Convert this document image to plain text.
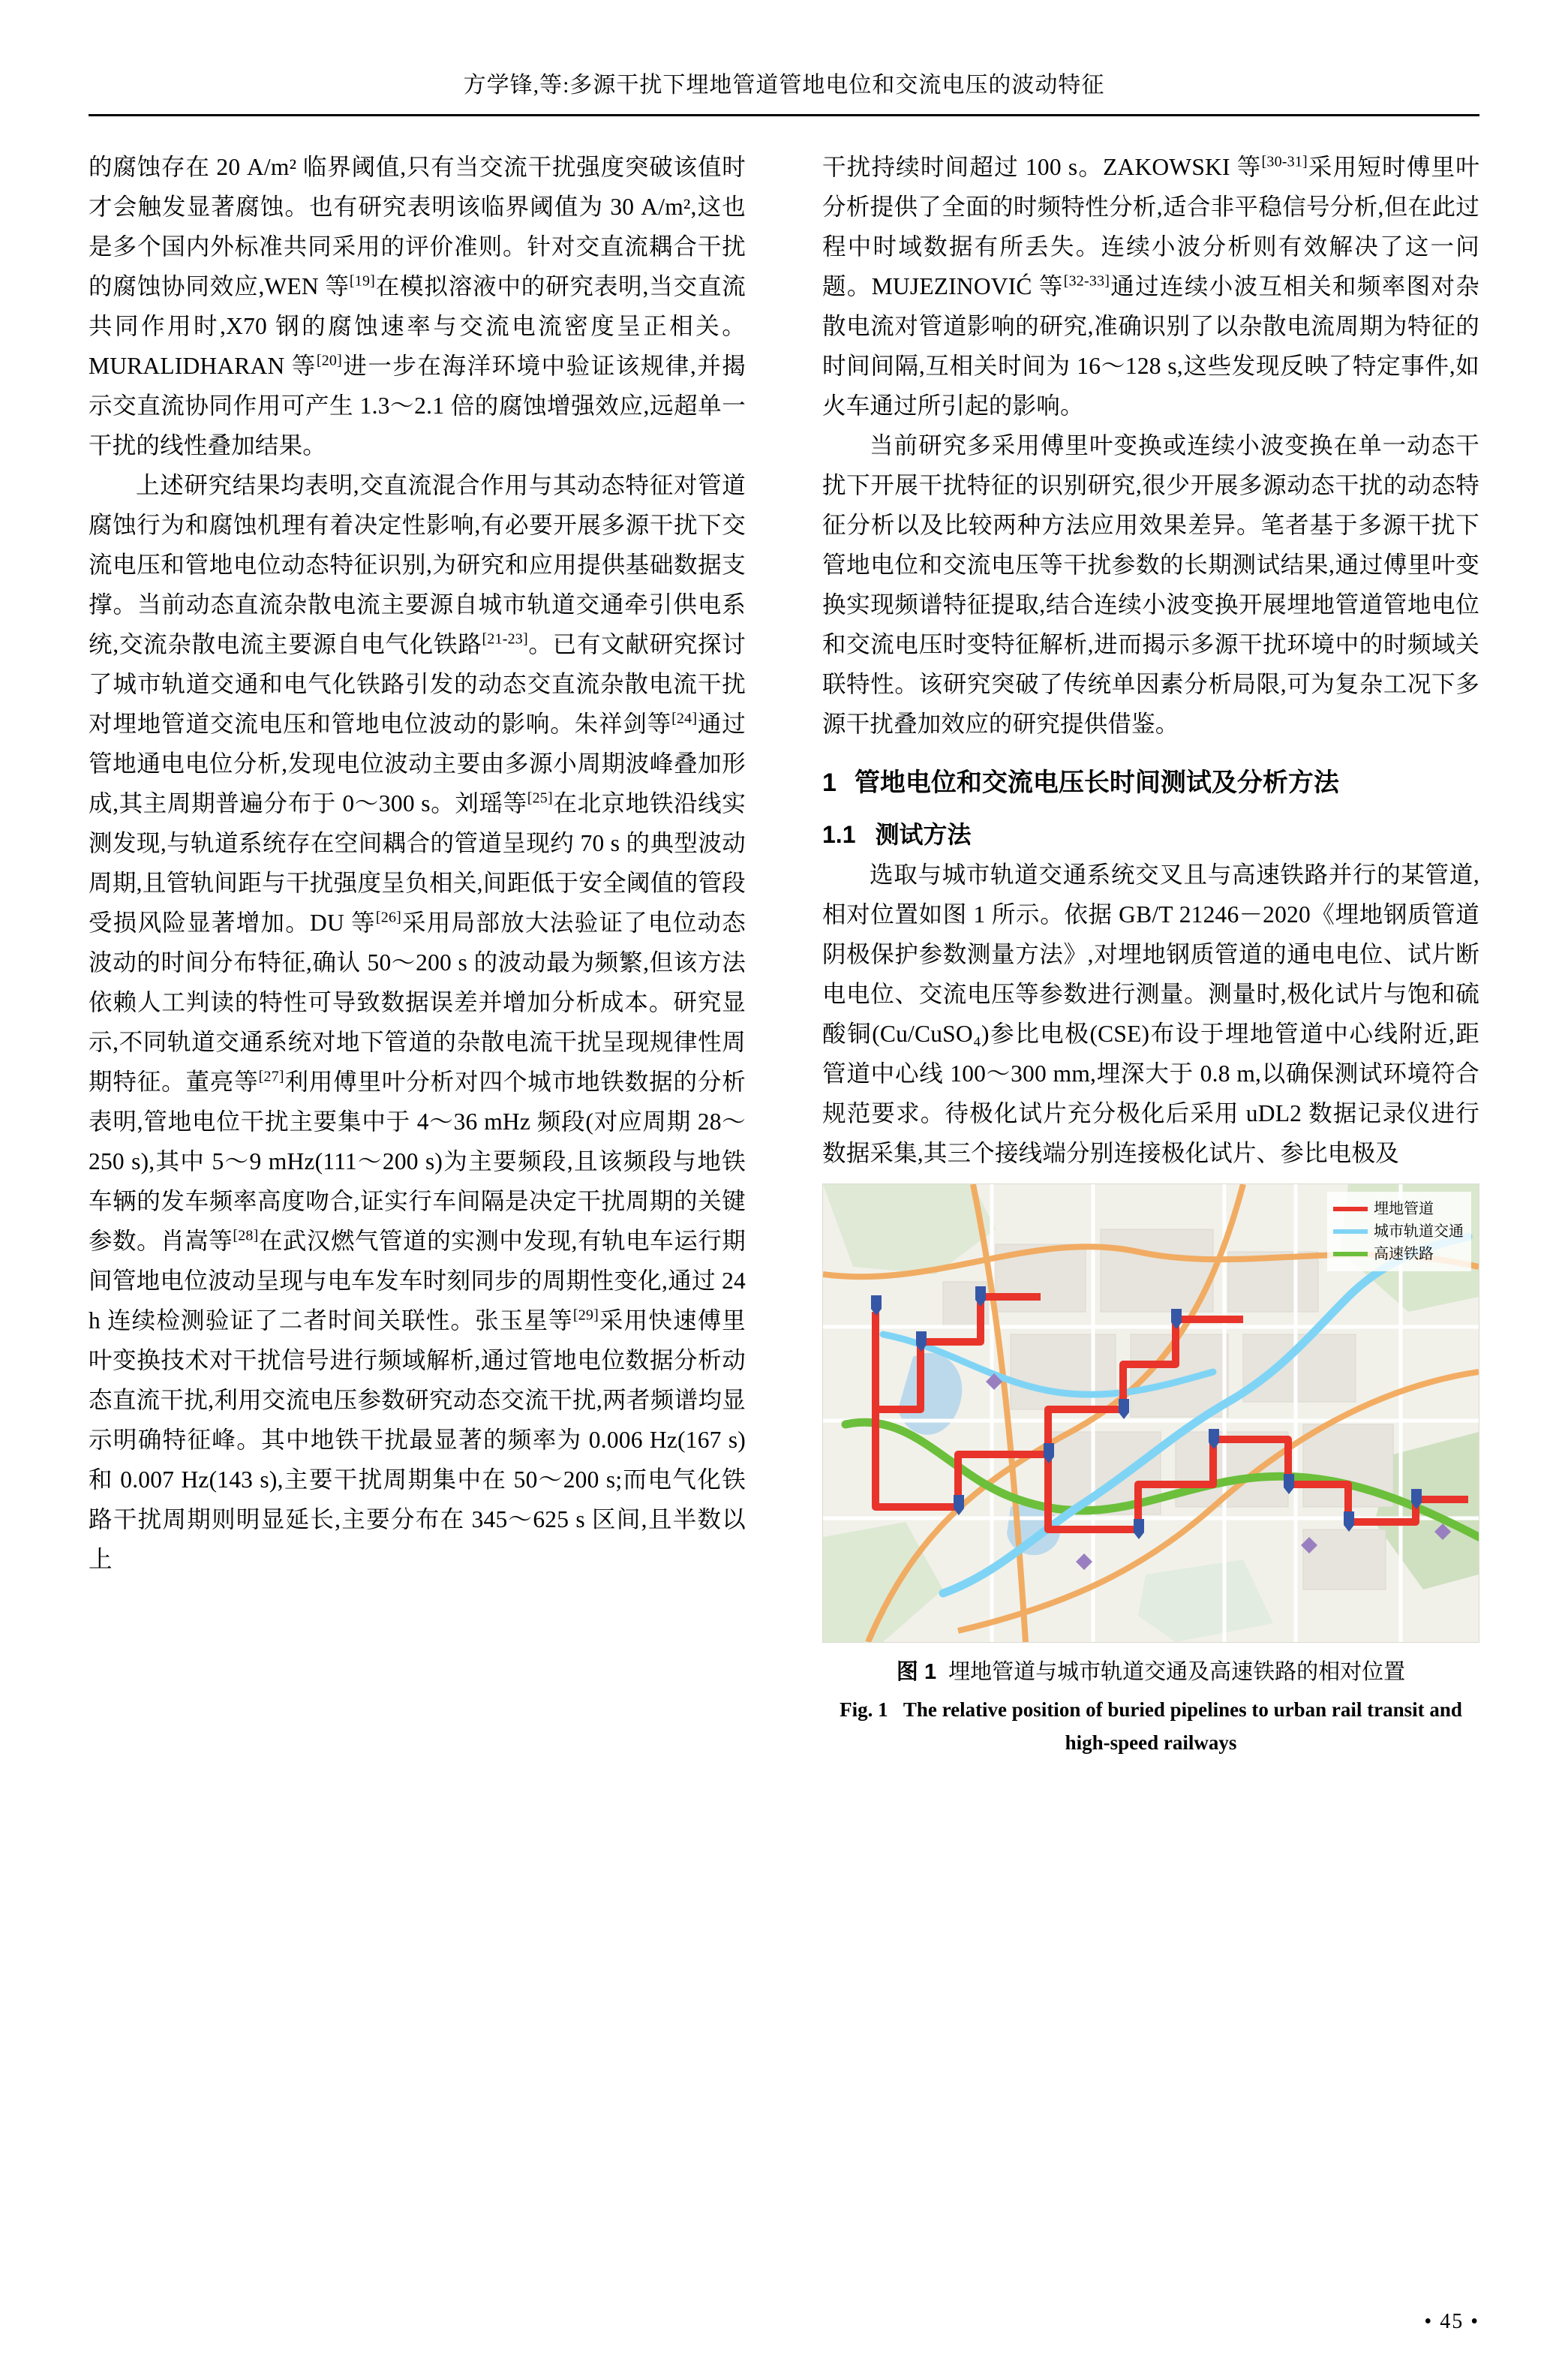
方学锋,等:多源干扰下埋地管道管地电位和交流电压的波动特征

的腐蚀存在 20 A/m² 临界阈值,只有当交流干扰强度突破该值时才会触发显著腐蚀。也有研究表明该临界阈值为 30 A/m²,这也是多个国内外标准共同采用的评价准则。针对交直流耦合干扰的腐蚀协同效应,WEN 等[19]在模拟溶液中的研究表明,当交直流共同作用时,X70 钢的腐蚀速率与交流电流密度呈正相关。MURALIDHARAN 等[20]进一步在海洋环境中验证该规律,并揭示交直流协同作用可产生 1.3～2.1 倍的腐蚀增强效应,远超单一干扰的线性叠加结果。

上述研究结果均表明,交直流混合作用与其动态特征对管道腐蚀行为和腐蚀机理有着决定性影响,有必要开展多源干扰下交流电压和管地电位动态特征识别,为研究和应用提供基础数据支撑。当前动态直流杂散电流主要源自城市轨道交通牵引供电系统,交流杂散电流主要源自电气化铁路[21-23]。已有文献研究探讨了城市轨道交通和电气化铁路引发的动态交直流杂散电流干扰对埋地管道交流电压和管地电位波动的影响。朱祥剑等[24]通过管地通电电位分析,发现电位波动主要由多源小周期波峰叠加形成,其主周期普遍分布于 0～300 s。刘瑶等[25]在北京地铁沿线实测发现,与轨道系统存在空间耦合的管道呈现约 70 s 的典型波动周期,且管轨间距与干扰强度呈负相关,间距低于安全阈值的管段受损风险显著增加。DU 等[26]采用局部放大法验证了电位动态波动的时间分布特征,确认 50～200 s 的波动最为频繁,但该方法依赖人工判读的特性可导致数据误差并增加分析成本。研究显示,不同轨道交通系统对地下管道的杂散电流干扰呈现规律性周期特征。董亮等[27]利用傅里叶分析对四个城市地铁数据的分析表明,管地电位干扰主要集中于 4～36 mHz 频段(对应周期 28～250 s),其中 5～9 mHz(111～200 s)为主要频段,且该频段与地铁车辆的发车频率高度吻合,证实行车间隔是决定干扰周期的关键参数。肖嵩等[28]在武汉燃气管道的实测中发现,有轨电车运行期间管地电位波动呈现与电车发车时刻同步的周期性变化,通过 24 h 连续检测验证了二者时间关联性。张玉星等[29]采用快速傅里叶变换技术对干扰信号进行频域解析,通过管地电位数据分析动态直流干扰,利用交流电压参数研究动态交流干扰,两者频谱均显示明确特征峰。其中地铁干扰最显著的频率为 0.006 Hz(167 s)和 0.007 Hz(143 s),主要干扰周期集中在 50～200 s;而电气化铁路干扰周期则明显延长,主要分布在 345～625 s 区间,且半数以上

干扰持续时间超过 100 s。ZAKOWSKI 等[30-31]采用短时傅里叶分析提供了全面的时频特性分析,适合非平稳信号分析,但在此过程中时域数据有所丢失。连续小波分析则有效解决了这一问题。MUJEZINOVIĆ 等[32-33]通过连续小波互相关和频率图对杂散电流对管道影响的研究,准确识别了以杂散电流周期为特征的时间间隔,互相关时间为 16～128 s,这些发现反映了特定事件,如火车通过所引起的影响。

当前研究多采用傅里叶变换或连续小波变换在单一动态干扰下开展干扰特征的识别研究,很少开展多源动态干扰的动态特征分析以及比较两种方法应用效果差异。笔者基于多源干扰下管地电位和交流电压等干扰参数的长期测试结果,通过傅里叶变换实现频谱特征提取,结合连续小波变换开展埋地管道管地电位和交流电压时变特征解析,进而揭示多源干扰环境中的时频域关联特性。该研究突破了传统单因素分析局限,可为复杂工况下多源干扰叠加效应的研究提供借鉴。

1 管地电位和交流电压长时间测试及分析方法
1.1 测试方法

选取与城市轨道交通系统交叉且与高速铁路并行的某管道,相对位置如图 1 所示。依据 GB/T 21246－2020《埋地钢质管道阴极保护参数测量方法》,对埋地钢质管道的通电电位、试片断电电位、交流电压等参数进行测量。测量时,极化试片与饱和硫酸铜(Cu/CuSO₄)参比电极(CSE)布设于埋地管道中心线附近,距管道中心线 100～300 mm,埋深大于 0.8 m,以确保测试环境符合规范要求。待极化试片充分极化后采用 uDL2 数据记录仪进行数据采集,其三个接线端分别连接极化试片、参比电极及

埋地管道
城市轨道交通
高速铁路
图 1 埋地管道与城市轨道交通及高速铁路的相对位置
Fig. 1 The relative position of buried pipelines to urban rail transit and high-speed railways
• 45 •
